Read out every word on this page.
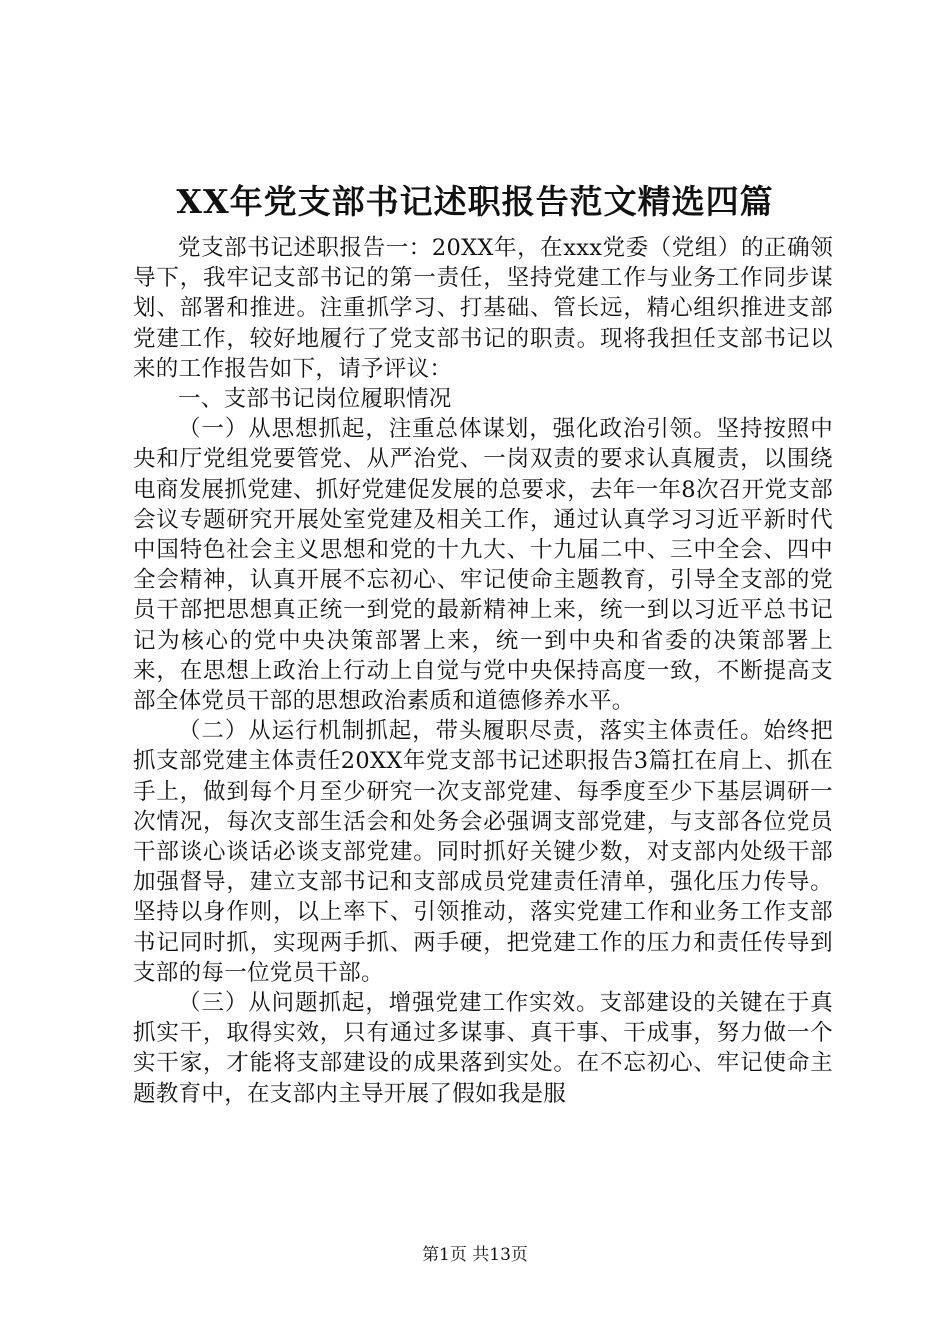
XX年党支部书记述职报告范文精选四篇

党支部书记述职报告一：20XX年，在xxx党委（党组）的正确领导下，我牢记支部书记的第一责任，坚持党建工作与业务工作同步谋划、部署和推进。注重抓学习、打基础、管长远，精心组织推进支部党建工作，较好地履行了党支部书记的职责。现将我担任支部书记以来的工作报告如下，请予评议：

一、支部书记岗位履职情况

（一）从思想抓起，注重总体谋划，强化政治引领。坚持按照中央和厅党组党要管党、从严治党、一岗双责的要求认真履责，以围绕电商发展抓党建、抓好党建促发展的总要求，去年一年8次召开党支部会议专题研究开展处室党建及相关工作，通过认真学习习近平新时代中国特色社会主义思想和党的十九大、十九届二中、三中全会、四中全会精神，认真开展不忘初心、牢记使命主题教育，引导全支部的党员干部把思想真正统一到党的最新精神上来，统一到以习近平总书记记为核心的党中央决策部署上来，统一到中央和省委的决策部署上来，在思想上政治上行动上自觉与党中央保持高度一致，不断提高支部全体党员干部的思想政治素质和道德修养水平。

（二）从运行机制抓起，带头履职尽责，落实主体责任。始终把抓支部党建主体责任20XX年党支部书记述职报告3篇扛在肩上、抓在手上，做到每个月至少研究一次支部党建、每季度至少下基层调研一次情况，每次支部生活会和处务会必强调支部党建，与支部各位党员干部谈心谈话必谈支部党建。同时抓好关键少数，对支部内处级干部加强督导，建立支部书记和支部成员党建责任清单，强化压力传导。坚持以身作则，以上率下、引领推动，落实党建工作和业务工作支部书记同时抓，实现两手抓、两手硬，把党建工作的压力和责任传导到支部的每一位党员干部。

（三）从问题抓起，增强党建工作实效。支部建设的关键在于真抓实干，取得实效，只有通过多谋事、真干事、干成事，努力做一个实干家，才能将支部建设的成果落到实处。在不忘初心、牢记使命主题教育中，在支部内主导开展了假如我是服

第1页 共13页
